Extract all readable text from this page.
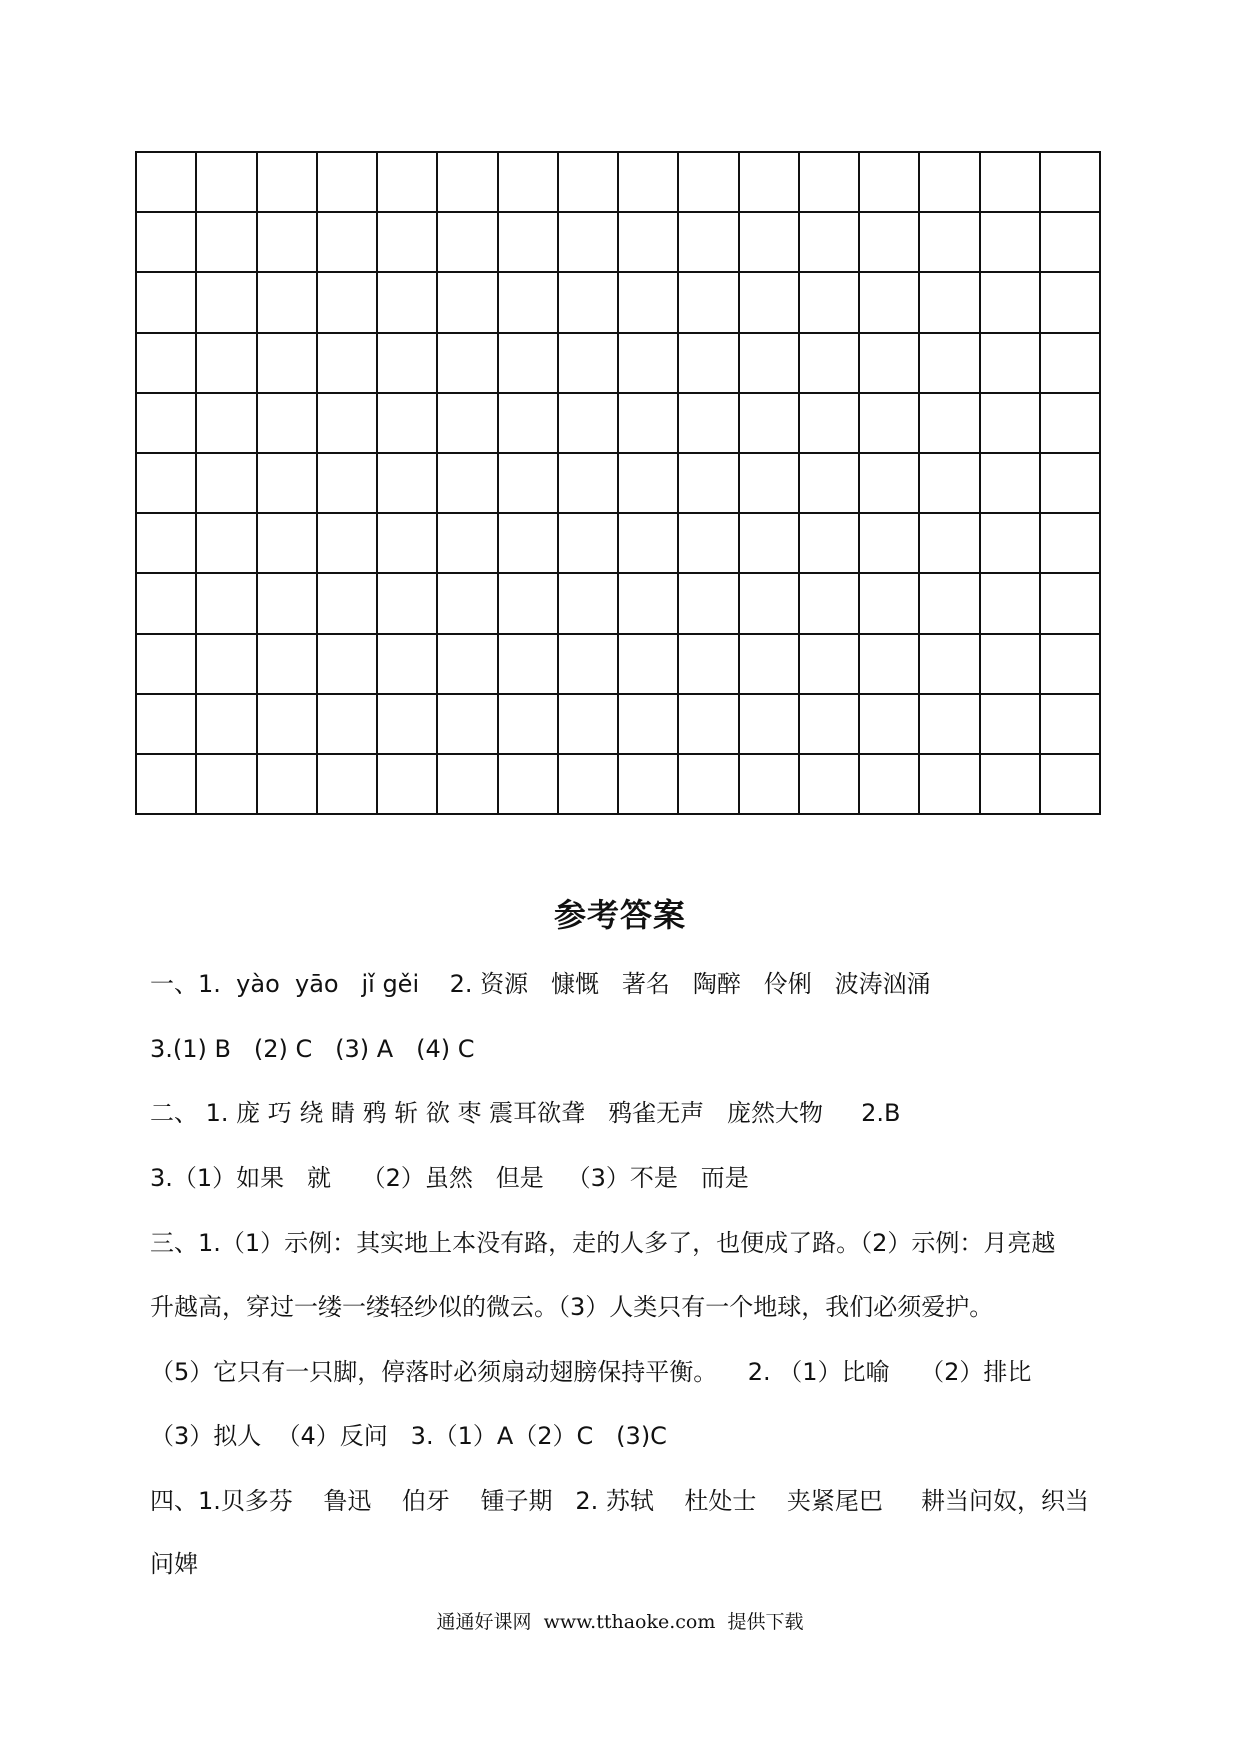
参考答案
一、1.  yào  yāo   jǐ gěi    2. 资源   慷慨   著名   陶醉   伶俐   波涛汹涌
3.(1) B   (2) C   (3) A   (4) C
二、 1. 庞 巧 绕 睛 鸦 斩 欲 枣 震耳欲聋   鸦雀无声   庞然大物     2.B
3.（1）如果   就    （2）虽然   但是   （3）不是   而是
三、1.（1）示例：其实地上本没有路，走的人多了，也便成了路。（2）示例：月亮越
升越高，穿过一缕一缕轻纱似的微云。（3）人类只有一个地球，我们必须爱护。
（5）它只有一只脚，停落时必须扇动翅膀保持平衡。    2. （1）比喻    （2）排比
（3）拟人  （4）反问   3.（1）A（2）C   (3)C
四、1.贝多芬    鲁迅    伯牙    锺子期   2. 苏轼    杜处士    夹紧尾巴     耕当问奴，织当
问婢
通通好课网  www.tthaoke.com  提供下载
